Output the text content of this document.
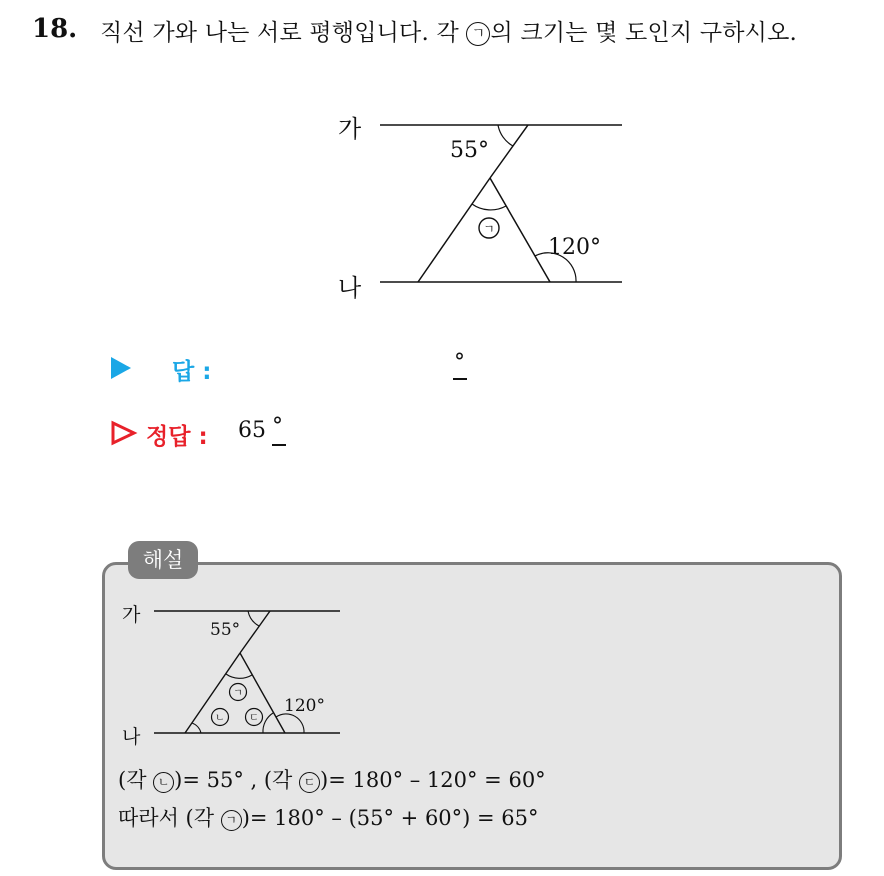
18. 직선 가와 나는 서로 평행입니다. 각 ㄱ 의 크기는 몇 도인지 구하시오.
가
나
55°
120°
ㄱ
답 :	°
정답 : 65 °
해설
가
나
55°
120°
ㄱ
ㄴ ㄷ
(각 ㄴ )= 55° , (각 ㄷ )= 180° – 120° = 60°
따라서 (각 ㄱ )= 180° – (55° + 60°) = 65°
